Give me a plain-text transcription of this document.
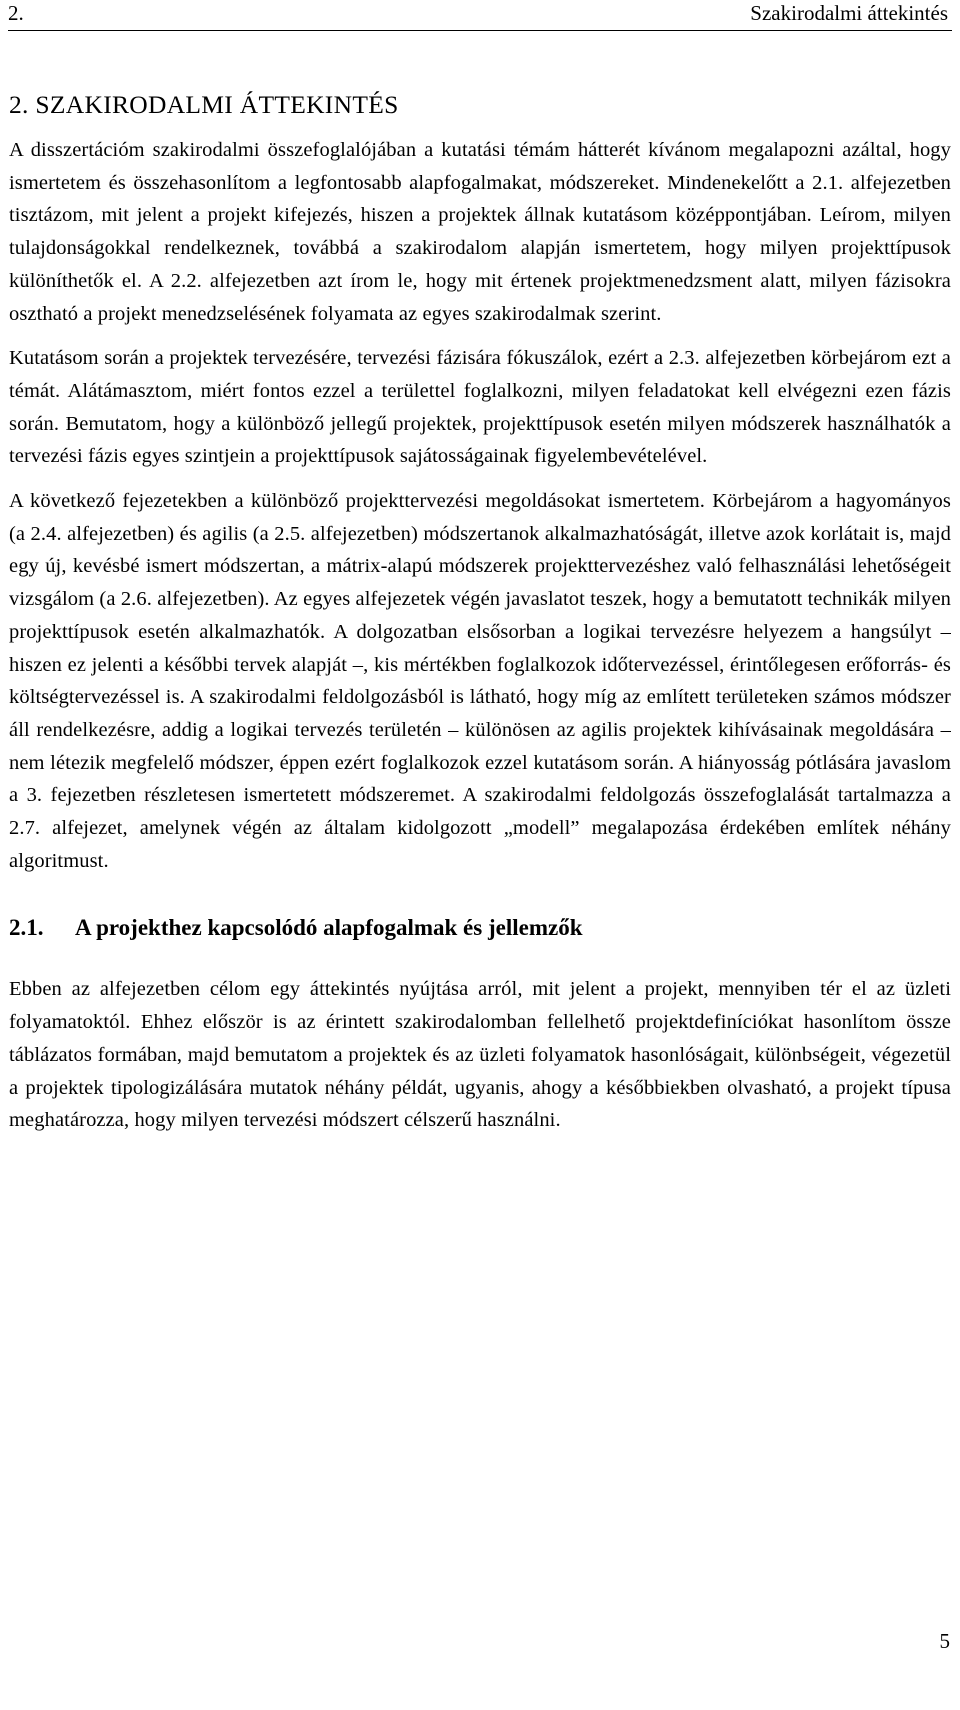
2.	Szakirodalmi áttekintés
2. SZAKIRODALMI ÁTTEKINTÉS

A disszertációm szakirodalmi összefoglalójában a kutatási témám hátterét kívánom megalapozni azáltal, hogy ismertetem és összehasonlítom a legfontosabb alapfogalmakat, módszereket. Mindenekelőtt a 2.1. alfejezetben tisztázom, mit jelent a projekt kifejezés, hiszen a projektek állnak kutatásom középpontjában. Leírom, milyen tulajdonságokkal rendelkeznek, továbbá a szakirodalom alapján ismertetem, hogy milyen projekttípusok különíthetők el. A 2.2. alfejezetben azt írom le, hogy mit értenek projektmenedzsment alatt, milyen fázisokra osztható a projekt menedzselésének folyamata az egyes szakirodalmak szerint.

Kutatásom során a projektek tervezésére, tervezési fázisára fókuszálok, ezért a 2.3. alfejezetben körbejárom ezt a témát. Alátámasztom, miért fontos ezzel a területtel foglalkozni, milyen feladatokat kell elvégezni ezen fázis során. Bemutatom, hogy a különböző jellegű projektek, projekttípusok esetén milyen módszerek használhatók a tervezési fázis egyes szintjein a projekttípusok sajátosságainak figyelembevételével.

A következő fejezetekben a különböző projekttervezési megoldásokat ismertetem. Körbejárom a hagyományos (a 2.4. alfejezetben) és agilis (a 2.5. alfejezetben) módszertanok alkalmazhatóságát, illetve azok korlátait is, majd egy új, kevésbé ismert módszertan, a mátrix-alapú módszerek projekttervezéshez való felhasználási lehetőségeit vizsgálom (a 2.6. alfejezetben). Az egyes alfejezetek végén javaslatot teszek, hogy a bemutatott technikák milyen projekttípusok esetén alkalmazhatók. A dolgozatban elsősorban a logikai tervezésre helyezem a hangsúlyt – hiszen ez jelenti a későbbi tervek alapját –, kis mértékben foglalkozok időtervezéssel, érintőlegesen erőforrás- és költségtervezéssel is. A szakirodalmi feldolgozásból is látható, hogy míg az említett területeken számos módszer áll rendelkezésre, addig a logikai tervezés területén – különösen az agilis projektek kihívásainak megoldására – nem létezik megfelelő módszer, éppen ezért foglalkozok ezzel kutatásom során. A hiányosság pótlására javaslom a 3. fejezetben részletesen ismertetett módszeremet. A szakirodalmi feldolgozás összefoglalását tartalmazza a 2.7. alfejezet, amelynek végén az általam kidolgozott „modell” megalapozása érdekében említek néhány algoritmust.

2.1. A projekthez kapcsolódó alapfogalmak és jellemzők

Ebben az alfejezetben célom egy áttekintés nyújtása arról, mit jelent a projekt, mennyiben tér el az üzleti folyamatoktól. Ehhez először is az érintett szakirodalomban fellelhető projektdefiníciókat hasonlítom össze táblázatos formában, majd bemutatom a projektek és az üzleti folyamatok hasonlóságait, különbségeit, végezetül a projektek tipologizálására mutatok néhány példát, ugyanis, ahogy a későbbiekben olvasható, a projekt típusa meghatározza, hogy milyen tervezési módszert célszerű használni.

5
